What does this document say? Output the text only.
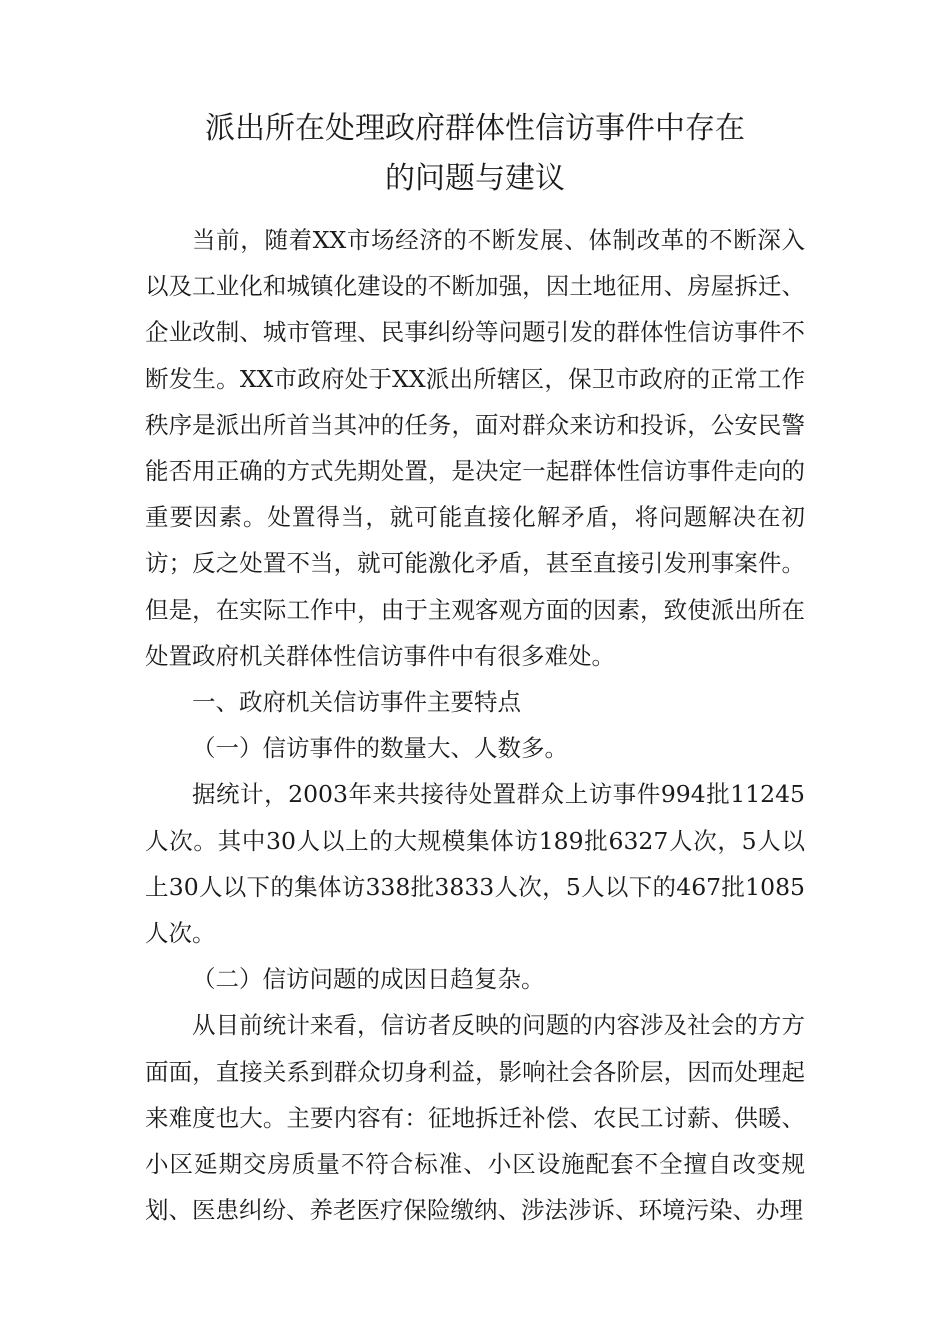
派出所在处理政府群体性信访事件中存在
的问题与建议

当前，随着XX市场经济的不断发展、体制改革的不断深入以及工业化和城镇化建设的不断加强，因土地征用、房屋拆迁、企业改制、城市管理、民事纠纷等问题引发的群体性信访事件不断发生。XX市政府处于XX派出所辖区，保卫市政府的正常工作秩序是派出所首当其冲的任务，面对群众来访和投诉，公安民警能否用正确的方式先期处置，是决定一起群体性信访事件走向的重要因素。处置得当，就可能直接化解矛盾，将问题解决在初访；反之处置不当，就可能激化矛盾，甚至直接引发刑事案件。但是，在实际工作中，由于主观客观方面的因素，致使派出所在处置政府机关群体性信访事件中有很多难处。

一、政府机关信访事件主要特点

（一）信访事件的数量大、人数多。

据统计，2003年来共接待处置群众上访事件994批11245人次。其中30人以上的大规模集体访189批6327人次，5人以上30人以下的集体访338批3833人次，5人以下的467批1085人次。

（二）信访问题的成因日趋复杂。

从目前统计来看，信访者反映的问题的内容涉及社会的方方面面，直接关系到群众切身利益，影响社会各阶层，因而处理起来难度也大。主要内容有：征地拆迁补偿、农民工讨薪、供暖、小区延期交房质量不符合标准、小区设施配套不全擅自改变规划、医患纠纷、养老医疗保险缴纳、涉法涉诉、环境污染、办理
